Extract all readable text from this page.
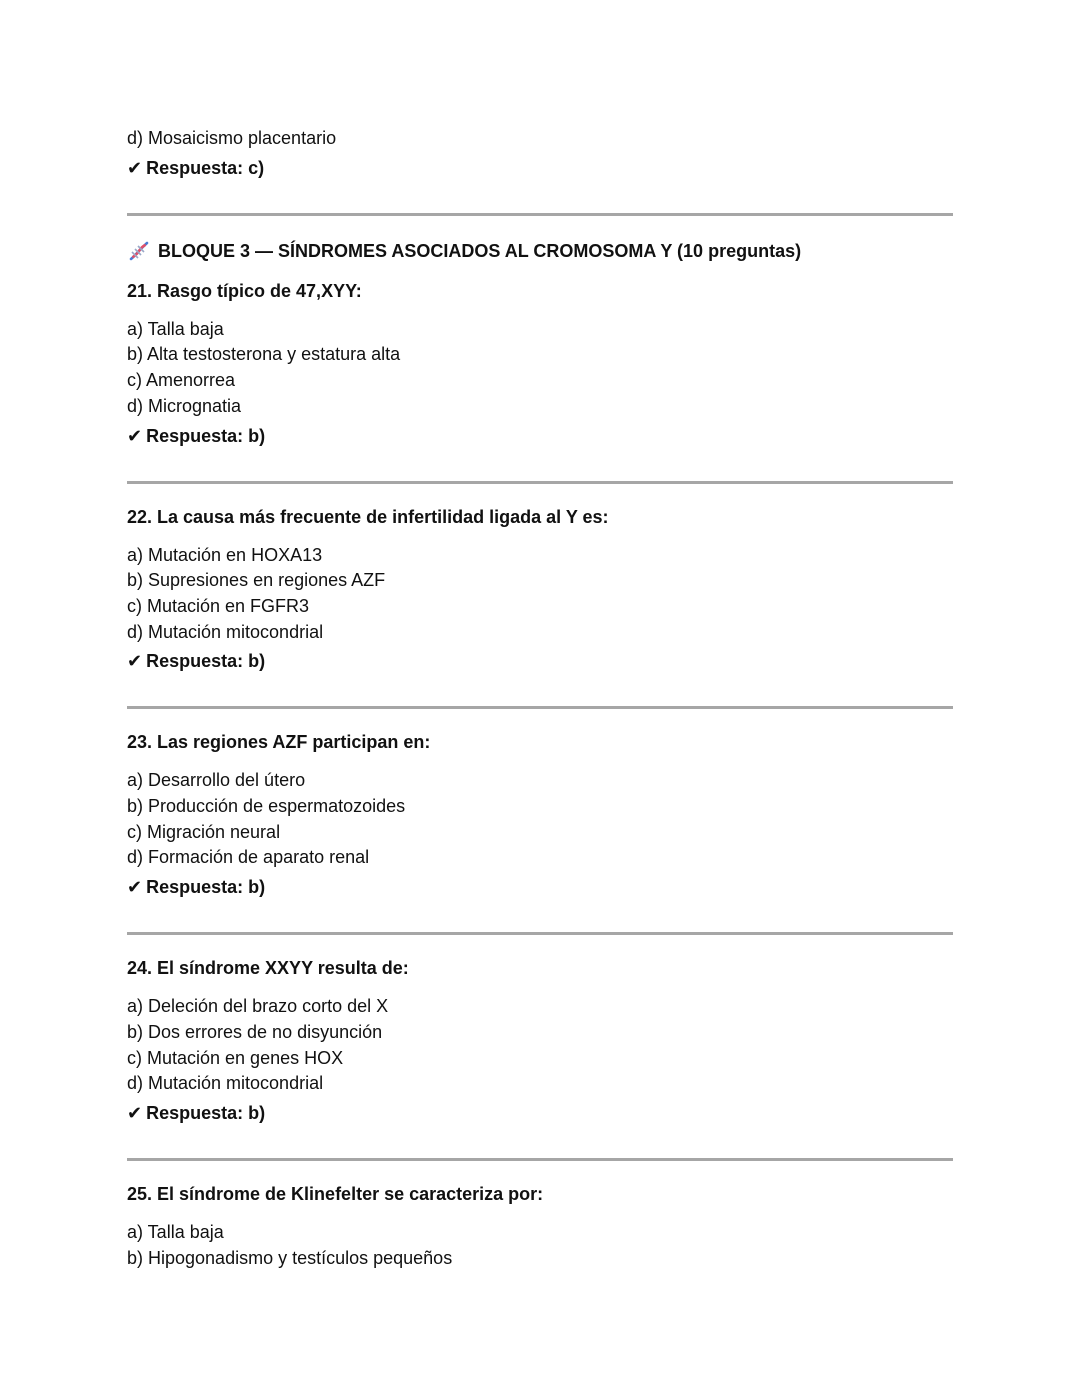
d) Mosaicismo placentario

✔ Respuesta: c)
BLOQUE 3 — SÍNDROMES ASOCIADOS AL CROMOSOMA Y (10 preguntas)
21. Rasgo típico de 47,XYY:

a) Talla baja

b) Alta testosterona y estatura alta

c) Amenorrea

d) Micrognatia

✔ Respuesta: b)
22. La causa más frecuente de infertilidad ligada al Y es:

a) Mutación en HOXA13

b) Supresiones en regiones AZF

c) Mutación en FGFR3

d) Mutación mitocondrial

✔ Respuesta: b)
23. Las regiones AZF participan en:

a) Desarrollo del útero

b) Producción de espermatozoides

c) Migración neural

d) Formación de aparato renal

✔ Respuesta: b)
24. El síndrome XXYY resulta de:

a) Deleción del brazo corto del X

b) Dos errores de no disyunción

c) Mutación en genes HOX

d) Mutación mitocondrial

✔ Respuesta: b)
25. El síndrome de Klinefelter se caracteriza por:

a) Talla baja

b) Hipogonadismo y testículos pequeños
